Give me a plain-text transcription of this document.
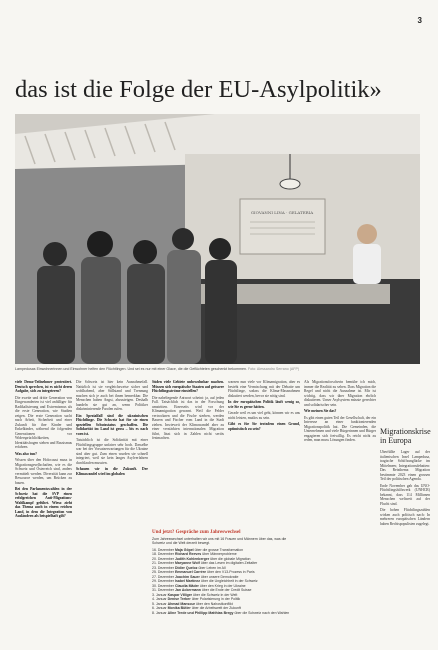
3
das ist die Folge der EU-Asylpolitik»
GIOVANNI LINA · GELATERIA
Lampedusas Einwohnerinnen und Einwohner helfen den Flüchtlingen. Und sei es nur mit einer Glace, die die Geflüchteten geschenkt bekommen. Foto: Alessandro Serrano (AFP)

viele Demo-Teilnehmer protestiert. Deutsch sprechen, ist es nicht deren Aufgabe, sich zu integrieren?

Die zweite und dritte Generation von Eingewanderten ist viel anfälliger für Radikalisierung und Extremismus als die erste Generation, wie Studien zeigen. Die erste Generation sucht nach Arbeit, Sicherheit und einer Zukunft für ihre Kinder und Enkelkinder, während die folgenden Generationen vor Widersprüchlichkeiten, Identitätsfragen stehen und Rassismus erfahren.

Was also tun?

Wissen über den Holocaust muss in Migrationsgesellschaften, wie es die Schweiz und Österreich sind, anders vermittelt werden. Diversität kann zur Ressource werden, um Brücken zu bauen.

Bei den Parlamentswahlen in der Schweiz hat die SVP einen erfolgreichen Anti-Migrations-Wahlkampf geführt. Wieso zieht das Thema auch in einem reichen Land, in dem die Integration von Ausländern als beispielhaft gilt?

Die Schweiz ist hier kein Ausnahmefall. Natürlich ist sie vergleichsweise sicher und wohlhabend, aber Stillstand und Trennung machen sich je auch bei ihnen bemerkbar. Die Menschen haben Angst, abzusteigen. Deshalb handeln sie gut an, wenn Politiker diskriminierende Parolen rufen.

Ein Spezialfall sind die ukrainischen Flüchtlinge. Die Schweiz hat für sie einen speziellen Schutzstatus geschaffen. Die Solidarität im Land ist gross – bis es nach vorn ist.

Tatsächlich ist die Solidarität mit einer Flüchtlingsgruppe unfairer sehr hoch. Dasselbe war bei der Vorsatzerwartungen für die Ukraine sind aber gut. Zum einen wurden sie schnell integriert, weil sie kein langes Asylverfahren durchlaufen mussten.

Schauen wir in die Zukunft. Der Klimawandel wird im globalen

Süden viele Gebiete unbewohnbar machen. Müssen sich europäische Staaten auf grössere Flüchtlingsströme einstellen?

Die naheliegende Antwort scheint: ja, auf jeden Fall. Tatsächlich ist das in der Forschung umstritten. Einerseits wird vor der Klimamigration gewarnt. Weil die Felder vertrocknen und die Fische sterben, werden Bauern und Fischer vom Land in die Stadt ziehen. Inwieweit der Klimawandel aber zu einer verstärkten internationalen Migration führt, lässt sich in Zahlen nicht seriös festmachen.

warnen nun viele vor Klimamigration, aber es besteht eine Vermischung mit der Debatte um Flüchtlinge, sodass die Klima-Massnahmen diskutiert werden, bevor sie nötig sind.

In der europäischen Politik läuft wenig so, wie Sie es gerne hätten.

Gerade weil es um viel geht, können wir es uns nicht leisten, mutlos zu sein.

Gibt es für Sie trotzdem einen Grund, optimistisch zu sein?

Als Migrationsforscherin bemühe ich mich, immer die Realität zu sehen. Dass Migration die Regel und nicht die Ausnahme ist. Mir ist wichtig, dass wir über Migration ehrlich diskutieren. Unser Asylsystem müsste gerechter und solidarischer sein.

Wie meinen Sie das?

Es gibt einen guten Teil der Gesellschaft, der ein Interesse an einer funktionierenden Migrationspolitik hat. Die Gemeinden, die Unternehmen und viele Bürgerinnen und Bürger engagieren sich freiwillig. Es reicht nicht zu reden, man muss Lösungen finden.

Migrationskrise in Europa

Überfüllte Lager auf der italienischen Insel Lampedusa, tragische Schiffsunglücke im Mittelmeer, Integrationsdebatten: Das Reizthema Migration bestimmte 2023 einen grossen Teil der politischen Agenda.

Ende November gab das UNO-Flüchtlingshilfswerk (UNHCR) bekannt, dass 114 Millionen Menschen weltweit auf der Flucht sind.

Die hohen Flüchtlingszahlen wirken auch politisch nach: In mehreren europäischen Ländern haben Rechtspopulisten zugelegt.

Und jetzt? Gespräche zum Jahreswechsel

Zum Jahreswechsel unterhalten wir uns mit 16 Frauen und Männern über das, was die Schweiz und die Welt derzeit bewegt.

16. Dezember Maja Göpel über die grosse Transformation
18. Dezember Richard Reeves über Männerprobleme
20. Dezember Judith Kohlenberger über die globale Migration
21. Dezember Maryanne Wolf über das Lesen im digitalen Zeitalter
23. Dezember Didier Queloz über Leben im All
25. Dezember Emmanuel Carrère über den V13-Prozess in Paris
27. Dezember Joachim Sauer über unsere Demokratie
29. Dezember Isabel Martínez über die Ungleichheit in der Schweiz
30. Dezember Claudia Mäder über den Krieg in der Ukraine
31. Dezember Jan Ackermann über die Ende der Credit Suisse
3. Januar Kaspar Villiger über die Schweiz in der Welt
4. Januar Denise Treber über Polarisierung in der Politik
5. Januar Ahmad Mansour über den Nahostkonflikt
6. Januar Monika Bütler über die Arbeitswelt der Zukunft
8. Januar Aline Trede und Phillipp Matthias Bregy über die Schweiz nach den Wahlen
